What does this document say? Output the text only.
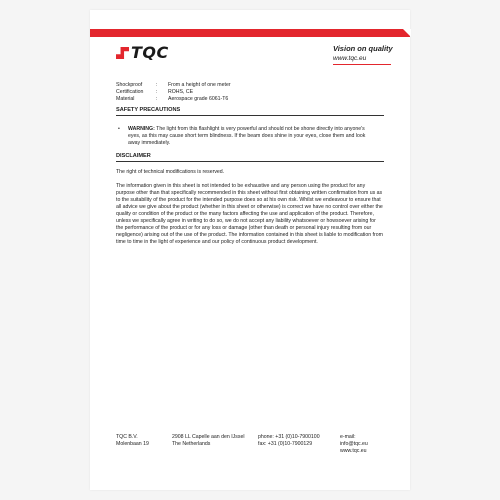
TQC	Vision on quality
www.tqc.eu
Shockproof	:	From a height of one meter
Certification	:	ROHS, CE
Material	:	Aerospace grade 6061-T6
SAFETY PRECAUTIONS
•	WARNING: The light from this flashlight is very powerful and should not be shone directly into anyone's eyes, as this may cause short term blindness. If the beam does shine in your eyes, close them and look away immediately.
DISCLAIMER
The right of technical modifications is reserved.
The information given in this sheet is not intended to be exhaustive and any person using the product for any purpose other than that specifically recommended in this sheet without first obtaining written confirmation from us as to the suitability of the product for the intended purpose does so at his own risk. Whilst we endeavour to ensure that all advice we give about the product (whether in this sheet or otherwise) is correct we have no control over either the quality or condition of the product or the many factors affecting the use and application of the product. Therefore, unless we specifically agree in writing to do so, we do not accept any liability whatsoever or howsoever arising for the performance of the product or for any loss or damage (other than death or personal injury resulting from our negligence) arising out of the use of the product. The information contained in this sheet is liable to modification from time to time in the light of experience and our policy of continuous product development.
TQC B.V.
Molenbaan 19
2908 LL Capelle aan den IJssel
The Netherlands
phone: +31 (0)10-7900100
fax: +31 (0)10-7900129
e-mail: info@tqc.eu
www.tqc.eu
